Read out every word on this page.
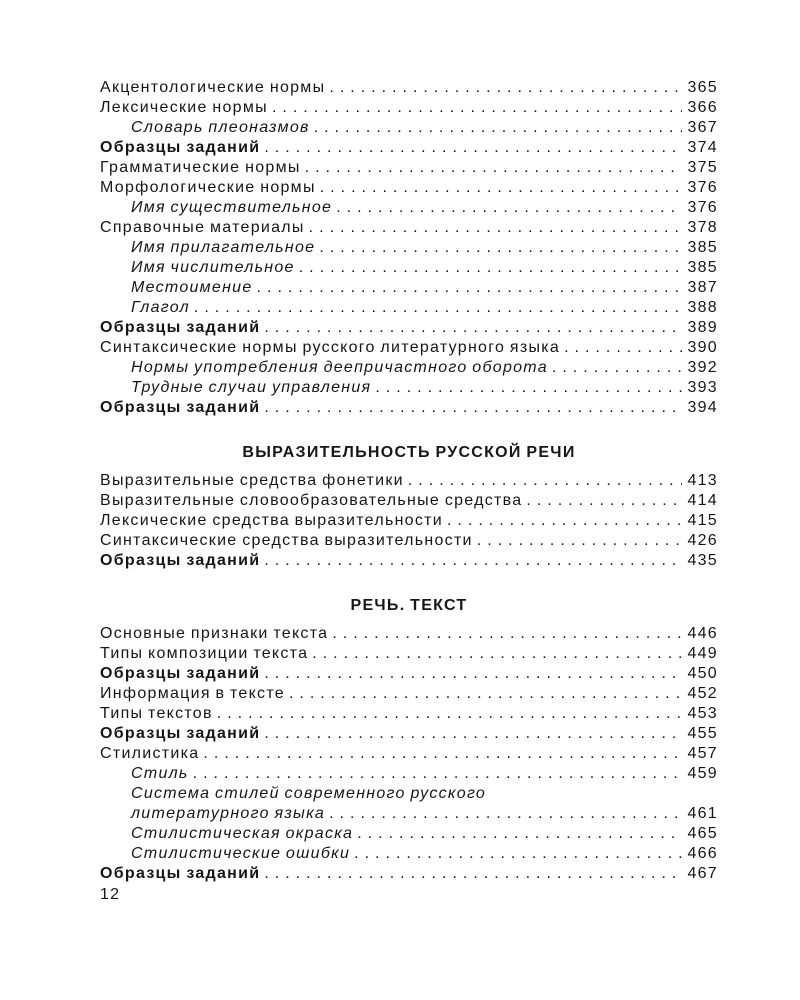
Акцентологические нормы . . .	365
Лексические нормы . . .	366
Словарь плеоназмов . . .	367
Образцы заданий . . .	374
Грамматические нормы . . .	375
Морфологические нормы . . .	376
Имя существительное . . .	376
Справочные материалы . . .	378
Имя прилагательное . . .	385
Имя числительное . . .	385
Местоимение . . .	387
Глагол . . .	388
Образцы заданий . . .	389
Синтаксические нормы русского литературного языка . . .	390
Нормы употребления деепричастного оборота . . .	392
Трудные случаи управления . . .	393
Образцы заданий . . .	394
ВЫРАЗИТЕЛЬНОСТЬ РУССКОЙ РЕЧИ
Выразительные средства фонетики . . .	413
Выразительные словообразовательные средства . . .	414
Лексические средства выразительности . . .	415
Синтаксические средства выразительности . . .	426
Образцы заданий . . .	435
РЕЧЬ. ТЕКСТ
Основные признаки текста . . .	446
Типы композиции текста . . .	449
Образцы заданий . . .	450
Информация в тексте . . .	452
Типы текстов . . .	453
Образцы заданий . . .	455
Стилистика . . .	457
Стиль . . .	459
Система стилей современного русского
литературного языка . . .	461
Стилистическая окраска . . .	465
Стилистические ошибки . . .	466
Образцы заданий . . .	467
12
